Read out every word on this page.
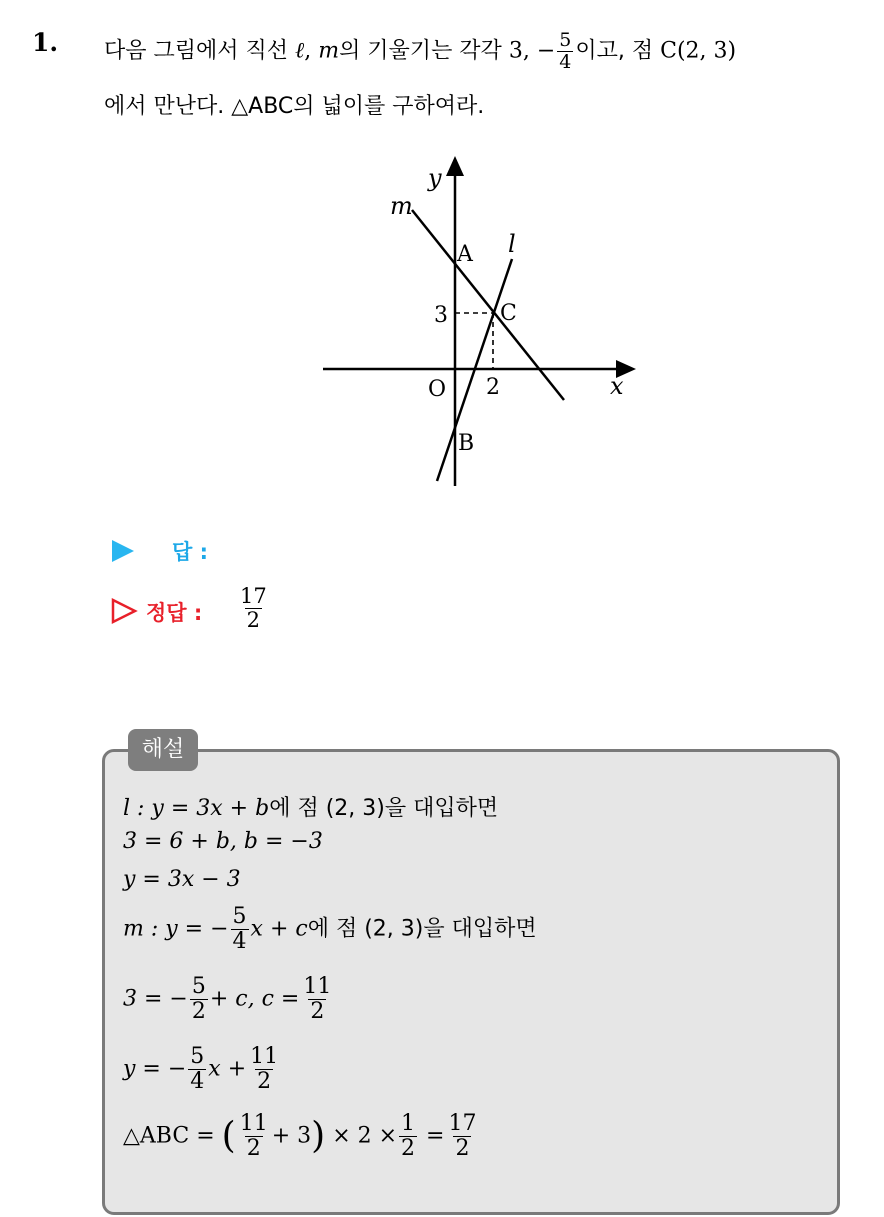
1. 다음 그림에서 직선 ℓ, m의 기울기는 각각 3, − $\frac{5}{4}$ 이고, 점 C(2, 3)
에서 만난다. △ABC의 넓이를 구하여라.
y
x
m
l
A
C
B
O
3
2
답 :
정답 : $\frac{17}{2}$
해설
l : y = 3x + b에 점 (2, 3)을 대입하면
3 = 6 + b, b = −3
y = 3x − 3
m : y = − $\frac{5}{4}$ x + c에 점 (2, 3)을 대입하면
3 = − $\frac{5}{2} + c$, $c = \frac{11}{2}$
y = − $\frac{5}{4}$ $x + \frac{11}{2}$
△ABC = ( $\frac{11}{2} + 3) \times 2 \times \frac{1}{2} = \frac{17}{2}$
